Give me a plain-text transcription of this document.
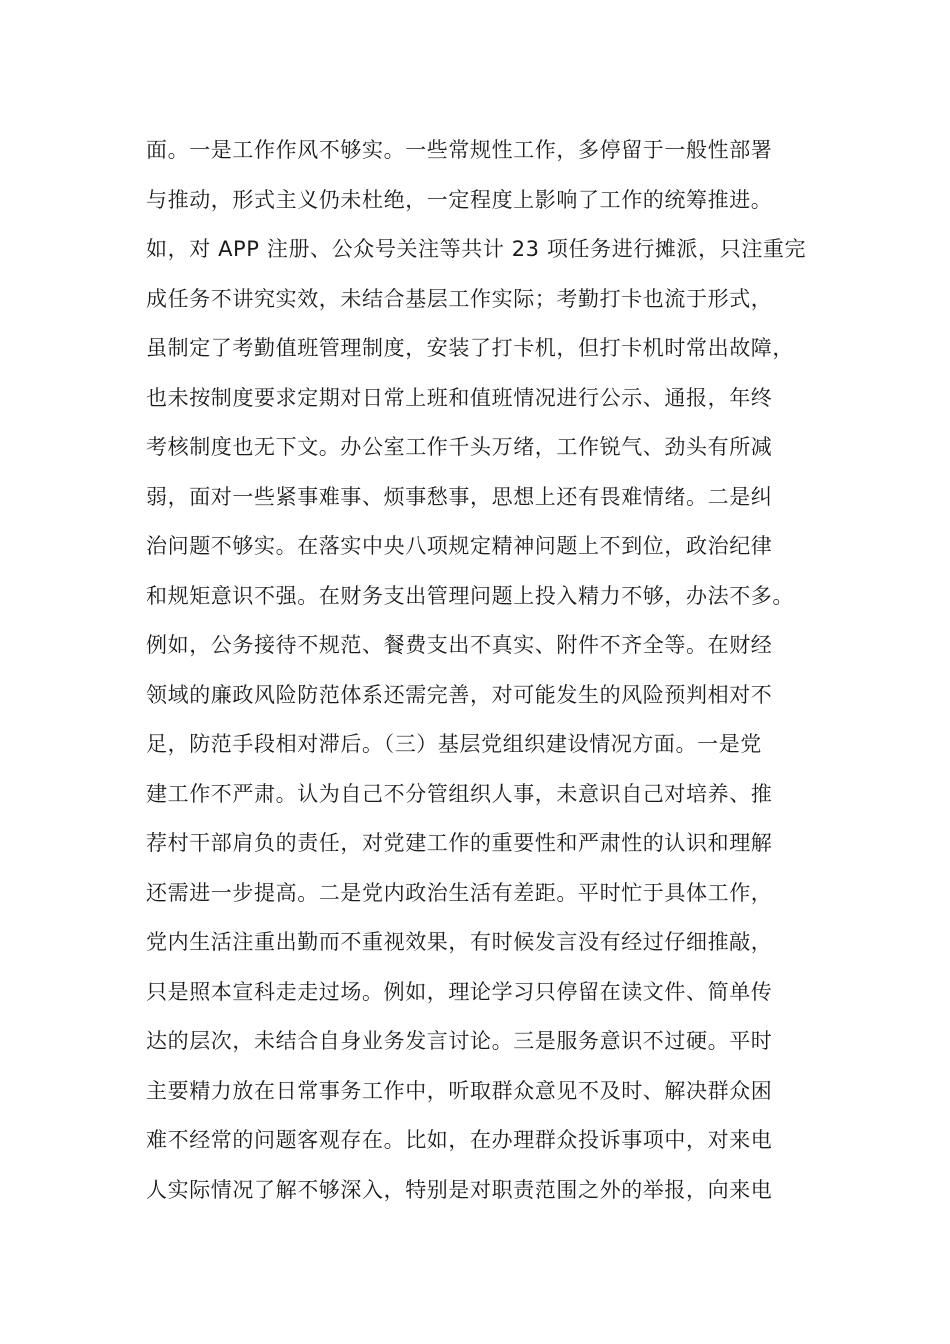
面。一是工作作风不够实。一些常规性工作，多停留于一般性部署
与推动，形式主义仍未杜绝，一定程度上影响了工作的统筹推进。
如，对 APP 注册、公众号关注等共计 23 项任务进行摊派，只注重完
成任务不讲究实效，未结合基层工作实际；考勤打卡也流于形式，
虽制定了考勤值班管理制度，安装了打卡机，但打卡机时常出故障，
也未按制度要求定期对日常上班和值班情况进行公示、通报，年终
考核制度也无下文。办公室工作千头万绪，工作锐气、劲头有所减
弱，面对一些紧事难事、烦事愁事，思想上还有畏难情绪。二是纠
治问题不够实。在落实中央八项规定精神问题上不到位，政治纪律
和规矩意识不强。在财务支出管理问题上投入精力不够，办法不多。
例如，公务接待不规范、餐费支出不真实、附件不齐全等。在财经
领域的廉政风险防范体系还需完善，对可能发生的风险预判相对不
足，防范手段相对滞后。（三）基层党组织建设情况方面。一是党
建工作不严肃。认为自己不分管组织人事，未意识自己对培养、推
荐村干部肩负的责任，对党建工作的重要性和严肃性的认识和理解
还需进一步提高。二是党内政治生活有差距。平时忙于具体工作，
党内生活注重出勤而不重视效果，有时候发言没有经过仔细推敲，
只是照本宣科走走过场。例如，理论学习只停留在读文件、简单传
达的层次，未结合自身业务发言讨论。三是服务意识不过硬。平时
主要精力放在日常事务工作中，听取群众意见不及时、解决群众困
难不经常的问题客观存在。比如，在办理群众投诉事项中，对来电
人实际情况了解不够深入，特别是对职责范围之外的举报，向来电
